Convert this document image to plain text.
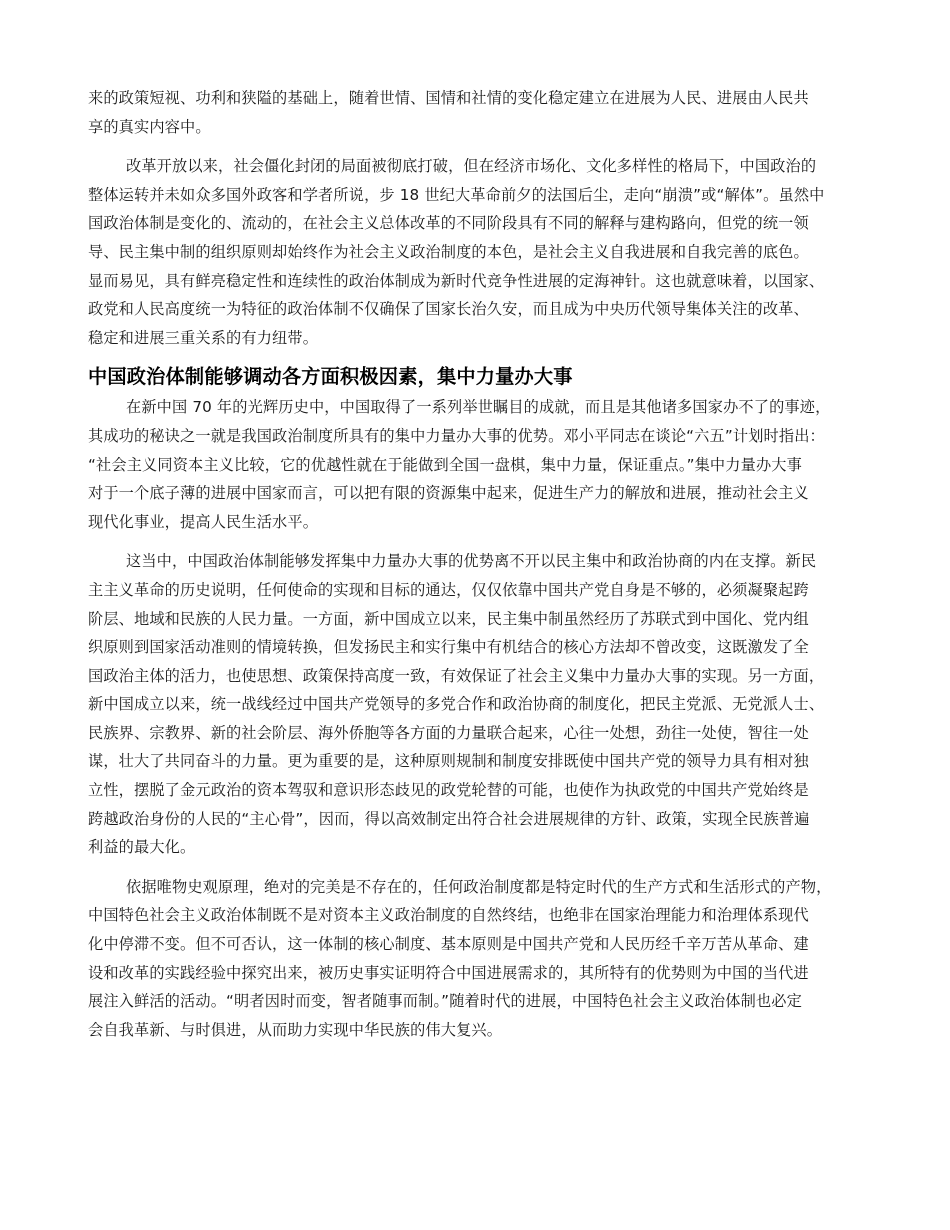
来的政策短视、功利和狭隘的基础上，随着世情、国情和社情的变化稳定建立在进展为人民、进展由人民共
享的真实内容中。
改革开放以来，社会僵化封闭的局面被彻底打破，但在经济市场化、文化多样性的格局下，中国政治的
整体运转并未如众多国外政客和学者所说，步 18 世纪大革命前夕的法国后尘，走向“崩溃”或“解体”。虽然中
国政治体制是变化的、流动的，在社会主义总体改革的不同阶段具有不同的解释与建构路向，但党的统一领
导、民主集中制的组织原则却始终作为社会主义政治制度的本色，是社会主义自我进展和自我完善的底色。
显而易见，具有鲜亮稳定性和连续性的政治体制成为新时代竞争性进展的定海神针。这也就意味着，以国家、
政党和人民高度统一为特征的政治体制不仅确保了国家长治久安，而且成为中央历代领导集体关注的改革、
稳定和进展三重关系的有力纽带。
中国政治体制能够调动各方面积极因素，集中力量办大事
在新中国 70 年的光辉历史中，中国取得了一系列举世瞩目的成就，而且是其他诸多国家办不了的事迹，
其成功的秘诀之一就是我国政治制度所具有的集中力量办大事的优势。邓小平同志在谈论“六五”计划时指出：
“社会主义同资本主义比较，它的优越性就在于能做到全国一盘棋，集中力量，保证重点。”集中力量办大事
对于一个底子薄的进展中国家而言，可以把有限的资源集中起来，促进生产力的解放和进展，推动社会主义
现代化事业，提高人民生活水平。
这当中，中国政治体制能够发挥集中力量办大事的优势离不开以民主集中和政治协商的内在支撑。新民
主主义革命的历史说明，任何使命的实现和目标的通达，仅仅依靠中国共产党自身是不够的，必须凝聚起跨
阶层、地域和民族的人民力量。一方面，新中国成立以来，民主集中制虽然经历了苏联式到中国化、党内组
织原则到国家活动准则的情境转换，但发扬民主和实行集中有机结合的核心方法却不曾改变，这既激发了全
国政治主体的活力，也使思想、政策保持高度一致，有效保证了社会主义集中力量办大事的实现。另一方面，
新中国成立以来，统一战线经过中国共产党领导的多党合作和政治协商的制度化，把民主党派、无党派人士、
民族界、宗教界、新的社会阶层、海外侨胞等各方面的力量联合起来，心往一处想，劲往一处使，智往一处
谋，壮大了共同奋斗的力量。更为重要的是，这种原则规制和制度安排既使中国共产党的领导力具有相对独
立性，摆脱了金元政治的资本驾驭和意识形态歧见的政党轮替的可能，也使作为执政党的中国共产党始终是
跨越政治身份的人民的“主心骨”，因而，得以高效制定出符合社会进展规律的方针、政策，实现全民族普遍
利益的最大化。
依据唯物史观原理，绝对的完美是不存在的，任何政治制度都是特定时代的生产方式和生活形式的产物，
中国特色社会主义政治体制既不是对资本主义政治制度的自然终结，也绝非在国家治理能力和治理体系现代
化中停滞不变。但不可否认，这一体制的核心制度、基本原则是中国共产党和人民历经千辛万苦从革命、建
设和改革的实践经验中探究出来，被历史事实证明符合中国进展需求的，其所特有的优势则为中国的当代进
展注入鲜活的活动。“明者因时而变，智者随事而制。”随着时代的进展，中国特色社会主义政治体制也必定
会自我革新、与时俱进，从而助力实现中华民族的伟大复兴。
